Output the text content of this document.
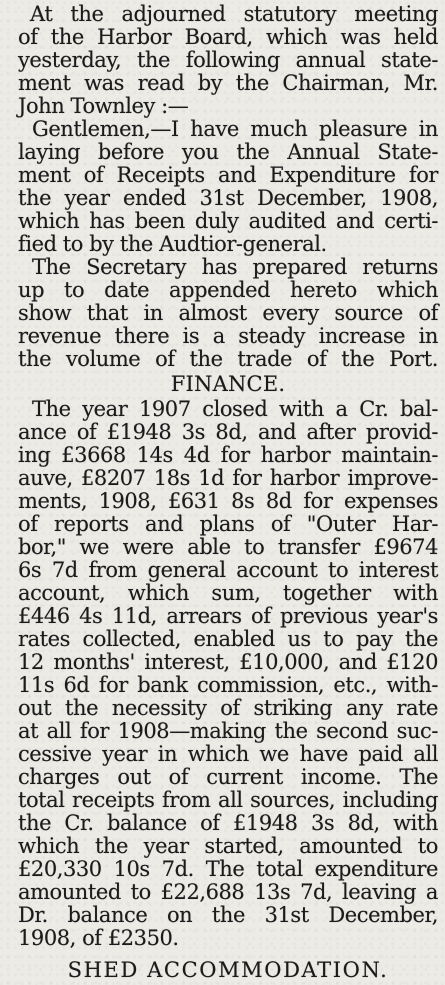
At the adjourned statutory meeting
of the Harbor Board, which was held
yesterday, the following annual state-
ment was read by the Chairman, Mr.
John Townley :—
Gentlemen,—I have much pleasure in
laying before you the Annual State-
ment of Receipts and Expenditure for
the year ended 31st December, 1908,
which has been duly audited and certi-
fied to by the Audtior-general.
The Secretary has prepared returns
up to date appended hereto which
show that in almost every source of
revenue there is a steady increase in
the volume of the trade of the Port.
FINANCE.
The year 1907 closed with a Cr. bal-
ance of £1948 3s 8d, and after provid-
ing £3668 14s 4d for harbor maintain-
auve, £8207 18s 1d for harbor improve-
ments, 1908, £631 8s 8d for expenses
of reports and plans of "Outer Har-
bor," we were able to transfer £9674
6s 7d from general account to interest
account, which sum, together with
£446 4s 11d, arrears of previous year's
rates collected, enabled us to pay the
12 months' interest, £10,000, and £120
11s 6d for bank commission, etc., with-
out the necessity of striking any rate
at all for 1908—making the second suc-
cessive year in which we have paid all
charges out of current income. The
total receipts from all sources, including
the Cr. balance of £1948 3s 8d, with
which the year started, amounted to
£20,330 10s 7d. The total expenditure
amounted to £22,688 13s 7d, leaving a
Dr. balance on the 31st December,
1908, of £2350.
SHED ACCOMMODATION.
